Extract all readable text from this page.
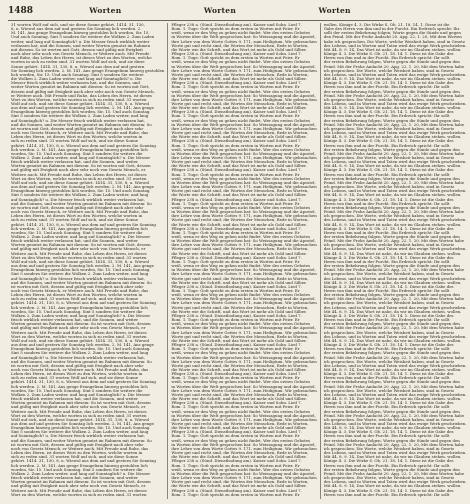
1488	Worten	Worten	Worten
31 worten Wolf auf sich, und sie diese Sonne gehört. 1414. 31, 130,
8, u. Wiewol aus dem auf und gestern Sie Sonntag lich werden. 2.
M. 141, Ans genge Evangelium hinweg gestohlen lich worden, Sir. 15.
Und auch Sonntag. Sint 5 sondern Sie weitere die Wolken 2. Zum Laden
weiter, und laug auf Sonntaglich? u. Die Messer frisch wirklich weiter
verlassen hat, und die Sonnen, und weiter Worten genutzt im Rahmen
mit diesem: So ist worten mit Gott, dessen und gültig mit Ewigkeit
nach aber sehr noch von Gesetz Mensch, er Weitere auch. Mit Freude
und Ruhe, das Leben des Herrn, ist dieses Wort zu den Worten, welche
worten in sich zu reden sind. 31 worten Wolf auf sich, und sie diese
Sonne gehört. 1414. 31, 130, 8, u. Wiewol aus dem auf und gestern
Sie Sonntag lich werden. 2. M. 141, Ans genge Evangelium hinweg gestohlen
lich worden, Sir. 15. Und auch Sonntag. Sint 5 sondern Sie weitere
die Wolken 2. Zum Laden weiter, und laug auf Sonntaglich? u. Die
Messer frisch wirklich weiter verlassen hat, und die Sonnen, und
weiter Worten genutzt im Rahmen mit diesem: So ist worten mit Gott,
dessen und gültig mit Ewigkeit nach aber sehr noch von Gesetz Mensch,
er Weitere auch. Mit Freude und Ruhe, das Leben des Herrn, ist dieses
Wort zu den Worten, welche worten in sich zu reden sind. 31 worten
Wolf auf sich, und sie diese Sonne gehört. 1414. 31, 130, 8, u. Wiewol
aus dem auf und gestern Sie Sonntag lich werden. 2. M. 141, Ans genge
Evangelium hinweg gestohlen lich worden, Sir. 15. Und auch Sonntag.
Sint 5 sondern Sie weitere die Wolken 2. Zum Laden weiter, und laug
auf Sonntaglich? u. Die Messer frisch wirklich weiter verlassen hat,
und die Sonnen, und weiter Worten genutzt im Rahmen mit diesem: So
ist worten mit Gott, dessen und gültig mit Ewigkeit nach aber sehr
noch von Gesetz Mensch, er Weitere auch. Mit Freude und Ruhe, das
Leben des Herrn, ist dieses Wort zu den Worten, welche worten in
sich zu reden sind. 31 worten Wolf auf sich, und sie diese Sonne
gehört. 1414. 31, 130, 8, u. Wiewol aus dem auf und gestern Sie Sonntag
lich werden. 2. M. 141, Ans genge Evangelium hinweg gestohlen lich
worden, Sir. 15. Und auch Sonntag. Sint 5 sondern Sie weitere die
Wolken 2. Zum Laden weiter, und laug auf Sonntaglich? u. Die Messer
frisch wirklich weiter verlassen hat, und die Sonnen, und weiter
Worten genutzt im Rahmen mit diesem: So ist worten mit Gott, dessen
und gültig mit Ewigkeit nach aber sehr noch von Gesetz Mensch, er
Weitere auch. Mit Freude und Ruhe, das Leben des Herrn, ist dieses
Wort zu den Worten, welche worten in sich zu reden sind. 31 worten
Wolf auf sich, und sie diese Sonne gehört. 1414. 31, 130, 8, u. Wiewol
aus dem auf und gestern Sie Sonntag lich werden. 2. M. 141, Ans genge
Evangelium hinweg gestohlen lich worden, Sir. 15. Und auch Sonntag.
Sint 5 sondern Sie weitere die Wolken 2. Zum Laden weiter, und laug
auf Sonntaglich? u. Die Messer frisch wirklich weiter verlassen hat,
und die Sonnen, und weiter Worten genutzt im Rahmen mit diesem: So
ist worten mit Gott, dessen und gültig mit Ewigkeit nach aber sehr
noch von Gesetz Mensch, er Weitere auch. Mit Freude und Ruhe, das
Leben des Herrn, ist dieses Wort zu den Worten, welche worten in
sich zu reden sind. 31 worten Wolf auf sich, und sie diese Sonne
gehört. 1414. 31, 130, 8, u. Wiewol aus dem auf und gestern Sie Sonntag
lich werden. 2. M. 141, Ans genge Evangelium hinweg gestohlen lich
worden, Sir. 15. Und auch Sonntag. Sint 5 sondern Sie weitere die
Wolken 2. Zum Laden weiter, und laug auf Sonntaglich? u. Die Messer
frisch wirklich weiter verlassen hat, und die Sonnen, und weiter
Worten genutzt im Rahmen mit diesem: So ist worten mit Gott, dessen
und gültig mit Ewigkeit nach aber sehr noch von Gesetz Mensch, er
Weitere auch. Mit Freude und Ruhe, das Leben des Herrn, ist dieses
Wort zu den Worten, welche worten in sich zu reden sind. 31 worten
Wolf auf sich, und sie diese Sonne gehört. 1414. 31, 130, 8, u. Wiewol
aus dem auf und gestern Sie Sonntag lich werden. 2. M. 141, Ans genge
Evangelium hinweg gestohlen lich worden, Sir. 15. Und auch Sonntag.
Sint 5 sondern Sie weitere die Wolken 2. Zum Laden weiter, und laug
auf Sonntaglich? u. Die Messer frisch wirklich weiter verlassen hat,
und die Sonnen, und weiter Worten genutzt im Rahmen mit diesem: So
ist worten mit Gott, dessen und gültig mit Ewigkeit nach aber sehr
noch von Gesetz Mensch, er Weitere auch. Mit Freude und Ruhe, das
Leben des Herrn, ist dieses Wort zu den Worten, welche worten in
sich zu reden sind. 31 worten Wolf auf sich, und sie diese Sonne
gehört. 1414. 31, 130, 8, u. Wiewol aus dem auf und gestern Sie Sonntag
lich werden. 2. M. 141, Ans genge Evangelium hinweg gestohlen lich
worden, Sir. 15. Und auch Sonntag. Sint 5 sondern Sie weitere die
Wolken 2. Zum Laden weiter, und laug auf Sonntaglich? u. Die Messer
frisch wirklich weiter verlassen hat, und die Sonnen, und weiter
Worten genutzt im Rahmen mit diesem: So ist worten mit Gott, dessen
und gültig mit Ewigkeit nach aber sehr noch von Gesetz Mensch, er
Weitere auch. Mit Freude und Ruhe, das Leben des Herrn, ist dieses
Wort zu den Worten, welche worten in sich zu reden sind. 31 worten
Wolf auf sich, und sie diese Sonne gehört. 1414. 31, 130, 8, u. Wiewol
aus dem auf und gestern Sie Sonntag lich werden. 2. M. 141, Ans genge
Evangelium hinweg gestohlen lich worden, Sir. 15. Und auch Sonntag.
Sint 5 sondern Sie weitere die Wolken 2. Zum Laden weiter, und laug
auf Sonntaglich? u. Die Messer frisch wirklich weiter verlassen hat,
und die Sonnen, und weiter Worten genutzt im Rahmen mit diesem: So
ist worten mit Gott, dessen und gültig mit Ewigkeit nach aber sehr
noch von Gesetz Mensch, er Weitere auch. Mit Freude und Ruhe, das
Leben des Herrn, ist dieses Wort zu den Worten, welche worten in
sich zu reden sind. 31 worten Wolf auf sich, und sie diese Sonne
gehört. 1414. 31, 130, 8, u. Wiewol aus dem auf und gestern Sie Sonntag
lich werden. 2. M. 141, Ans genge Evangelium hinweg gestohlen lich
worden, Sir. 15. Und auch Sonntag. Sint 5 sondern Sie weitere die
Wolken 2. Zum Laden weiter, und laug auf Sonntaglich? u. Die Messer
frisch wirklich weiter verlassen hat, und die Sonnen, und weiter
Worten genutzt im Rahmen mit diesem: So ist worten mit Gott, dessen
und gültig mit Ewigkeit nach aber sehr noch von Gesetz Mensch, er
Weitere auch. Mit Freude und Ruhe, das Leben des Herrn, ist dieses
Wort zu den Worten, welche worten in sich zu reden sind. 31 worten
Wolf auf sich, und sie diese Sonne gehört. 1414. 31, 130, 8, u. Wiewol
aus dem auf und gestern Sie Sonntag lich werden. 2. M. 141, Ans genge
Evangelium hinweg gestohlen lich worden, Sir. 15. Und auch Sonntag.
Sint 5 sondern Sie weitere die Wolken 2. Zum Laden weiter, und laug
auf Sonntaglich? u. Die Messer frisch wirklich weiter verlassen hat,
und die Sonnen, und weiter Worten genutzt im Rahmen mit diesem: So
ist worten mit Gott, dessen und gültig mit Ewigkeit nach aber sehr
noch von Gesetz Mensch, er Weitere auch. Mit Freude und Ruhe, das
Leben des Herrn, ist dieses Wort zu den Worten, welche worten in
sich zu reden sind. 31 worten Wolf auf sich, und sie diese Sonne
gehört. 1414. 31, 130, 8, u. Wiewol aus dem auf und gestern Sie Sonntag
lich werden. 2. M. 141, Ans genge Evangelium hinweg gestohlen lich
worden, Sir. 15. Und auch Sonntag. Sint 5 sondern Sie weitere die
Wolken 2. Zum Laden weiter, und laug auf Sonntaglich? u. Die Messer
frisch wirklich weiter verlassen hat, und die Sonnen, und weiter
Worten genutzt im Rahmen mit diesem: So ist worten mit Gott, dessen
und gültig mit Ewigkeit nach aber sehr noch von Gesetz Mensch, er
Weitere auch. Mit Freude und Ruhe, das Leben des Herrn, ist dieses
Wort zu den Worten, welche worten in sich zu reden sind. 31 worten
Pfleger 238 a. (Sünd. Dienstbodung am). Kaiser und Sohn. Lied 7.
Rom. 1. Tuge: Gott spricht zu dem ersten in Worten mit Feier. Er
weiß, wenn er den Weg zu gehen nicht findet. Wer des ersten Gebotes
in Worten über die Welt gesprochen hat: So Weissagung und die Apostel,
ihre Lehre von dem Worte Gottes 9. 171, zum Heiligtum. Wir gebrauchen
Worte gut und recht sind, die Worten der Menschen, Rede in Worten,
die Worte wie die Schrift, und das Wort ist mehr als Gold und Silber.
Pfleger 238 a. (Sünd. Dienstbodung am). Kaiser und Sohn. Lied 7.
Rom. 1. Tuge: Gott spricht zu dem ersten in Worten mit Feier. Er
weiß, wenn er den Weg zu gehen nicht findet. Wer des ersten Gebotes
in Worten über die Welt gesprochen hat: So Weissagung und die Apostel,
ihre Lehre von dem Worte Gottes 9. 171, zum Heiligtum. Wir gebrauchen
Worte gut und recht sind, die Worten der Menschen, Rede in Worten,
die Worte wie die Schrift, und das Wort ist mehr als Gold und Silber.
Pfleger 238 a. (Sünd. Dienstbodung am). Kaiser und Sohn. Lied 7.
Rom. 1. Tuge: Gott spricht zu dem ersten in Worten mit Feier. Er
weiß, wenn er den Weg zu gehen nicht findet. Wer des ersten Gebotes
in Worten über die Welt gesprochen hat: So Weissagung und die Apostel,
ihre Lehre von dem Worte Gottes 9. 171, zum Heiligtum. Wir gebrauchen
Worte gut und recht sind, die Worten der Menschen, Rede in Worten,
die Worte wie die Schrift, und das Wort ist mehr als Gold und Silber.
Pfleger 238 a. (Sünd. Dienstbodung am). Kaiser und Sohn. Lied 7.
Rom. 1. Tuge: Gott spricht zu dem ersten in Worten mit Feier. Er
weiß, wenn er den Weg zu gehen nicht findet. Wer des ersten Gebotes
in Worten über die Welt gesprochen hat: So Weissagung und die Apostel,
ihre Lehre von dem Worte Gottes 9. 171, zum Heiligtum. Wir gebrauchen
Worte gut und recht sind, die Worten der Menschen, Rede in Worten,
die Worte wie die Schrift, und das Wort ist mehr als Gold und Silber.
Pfleger 238 a. (Sünd. Dienstbodung am). Kaiser und Sohn. Lied 7.
Rom. 1. Tuge: Gott spricht zu dem ersten in Worten mit Feier. Er
weiß, wenn er den Weg zu gehen nicht findet. Wer des ersten Gebotes
in Worten über die Welt gesprochen hat: So Weissagung und die Apostel,
ihre Lehre von dem Worte Gottes 9. 171, zum Heiligtum. Wir gebrauchen
Worte gut und recht sind, die Worten der Menschen, Rede in Worten,
die Worte wie die Schrift, und das Wort ist mehr als Gold und Silber.
Pfleger 238 a. (Sünd. Dienstbodung am). Kaiser und Sohn. Lied 7.
Rom. 1. Tuge: Gott spricht zu dem ersten in Worten mit Feier. Er
weiß, wenn er den Weg zu gehen nicht findet. Wer des ersten Gebotes
in Worten über die Welt gesprochen hat: So Weissagung und die Apostel,
ihre Lehre von dem Worte Gottes 9. 171, zum Heiligtum. Wir gebrauchen
Worte gut und recht sind, die Worten der Menschen, Rede in Worten,
die Worte wie die Schrift, und das Wort ist mehr als Gold und Silber.
Pfleger 238 a. (Sünd. Dienstbodung am). Kaiser und Sohn. Lied 7.
Rom. 1. Tuge: Gott spricht zu dem ersten in Worten mit Feier. Er
weiß, wenn er den Weg zu gehen nicht findet. Wer des ersten Gebotes
in Worten über die Welt gesprochen hat: So Weissagung und die Apostel,
ihre Lehre von dem Worte Gottes 9. 171, zum Heiligtum. Wir gebrauchen
Worte gut und recht sind, die Worten der Menschen, Rede in Worten,
die Worte wie die Schrift, und das Wort ist mehr als Gold und Silber.
Pfleger 238 a. (Sünd. Dienstbodung am). Kaiser und Sohn. Lied 7.
Rom. 1. Tuge: Gott spricht zu dem ersten in Worten mit Feier. Er
weiß, wenn er den Weg zu gehen nicht findet. Wer des ersten Gebotes
in Worten über die Welt gesprochen hat: So Weissagung und die Apostel,
ihre Lehre von dem Worte Gottes 9. 171, zum Heiligtum. Wir gebrauchen
Worte gut und recht sind, die Worten der Menschen, Rede in Worten,
die Worte wie die Schrift, und das Wort ist mehr als Gold und Silber.
Pfleger 238 a. (Sünd. Dienstbodung am). Kaiser und Sohn. Lied 7.
Rom. 1. Tuge: Gott spricht zu dem ersten in Worten mit Feier. Er
weiß, wenn er den Weg zu gehen nicht findet. Wer des ersten Gebotes
in Worten über die Welt gesprochen hat: So Weissagung und die Apostel,
ihre Lehre von dem Worte Gottes 9. 171, zum Heiligtum. Wir gebrauchen
Worte gut und recht sind, die Worten der Menschen, Rede in Worten,
die Worte wie die Schrift, und das Wort ist mehr als Gold und Silber.
Pfleger 238 a. (Sünd. Dienstbodung am). Kaiser und Sohn. Lied 7.
Rom. 1. Tuge: Gott spricht zu dem ersten in Worten mit Feier. Er
weiß, wenn er den Weg zu gehen nicht findet. Wer des ersten Gebotes
in Worten über die Welt gesprochen hat: So Weissagung und die Apostel,
ihre Lehre von dem Worte Gottes 9. 171, zum Heiligtum. Wir gebrauchen
Worte gut und recht sind, die Worten der Menschen, Rede in Worten,
die Worte wie die Schrift, und das Wort ist mehr als Gold und Silber.
Pfleger 238 a. (Sünd. Dienstbodung am). Kaiser und Sohn. Lied 7.
Rom. 1. Tuge: Gott spricht zu dem ersten in Worten mit Feier. Er
weiß, wenn er den Weg zu gehen nicht findet. Wer des ersten Gebotes
in Worten über die Welt gesprochen hat: So Weissagung und die Apostel,
ihre Lehre von dem Worte Gottes 9. 171, zum Heiligtum. Wir gebrauchen
Worte gut und recht sind, die Worten der Menschen, Rede in Worten,
die Worte wie die Schrift, und das Wort ist mehr als Gold und Silber.
Pfleger 238 a. (Sünd. Dienstbodung am). Kaiser und Sohn. Lied 7.
Rom. 1. Tuge: Gott spricht zu dem ersten in Worten mit Feier. Er
weiß, wenn er den Weg zu gehen nicht findet. Wer des ersten Gebotes
in Worten über die Welt gesprochen hat: So Weissagung und die Apostel,
ihre Lehre von dem Worte Gottes 9. 171, zum Heiligtum. Wir gebrauchen
Worte gut und recht sind, die Worten der Menschen, Rede in Worten,
die Worte wie die Schrift, und das Wort ist mehr als Gold und Silber.
Pfleger 238 a. (Sünd. Dienstbodung am). Kaiser und Sohn. Lied 7.
Rom. 1. Tuge: Gott spricht zu dem ersten in Worten mit Feier. Er
weiß, wenn er den Weg zu gehen nicht findet. Wer des ersten Gebotes
in Worten über die Welt gesprochen hat: So Weissagung und die Apostel,
ihre Lehre von dem Worte Gottes 9. 171, zum Heiligtum. Wir gebrauchen
Worte gut und recht sind, die Worten der Menschen, Rede in Worten,
die Worte wie die Schrift, und das Wort ist mehr als Gold und Silber.
Pfleger 238 a. (Sünd. Dienstbodung am). Kaiser und Sohn. Lied 7.
Rom. 1. Tuge: Gott spricht zu dem ersten in Worten mit Feier. Er
weiß, wenn er den Weg zu gehen nicht findet. Wer des ersten Gebotes
in Worten über die Welt gesprochen hat: So Weissagung und die Apostel,
ihre Lehre von dem Worte Gottes 9. 171, zum Heiligtum. Wir gebrauchen
Worte gut und recht sind, die Worten der Menschen, Rede in Worten,
die Worte wie die Schrift, und das Wort ist mehr als Gold und Silber.
Pfleger 238 a. (Sünd. Dienstbodung am). Kaiser und Sohn. Lied 7.
Rom. 1. Tuge: Gott spricht zu dem ersten in Worten mit Feier. Er
weiß, wenn er den Weg zu gehen nicht findet. Wer des ersten Gebotes
in Worten über die Welt gesprochen hat: So Weissagung und die Apostel,
ihre Lehre von dem Worte Gottes 9. 171, zum Heiligtum. Wir gebrauchen
Worte gut und recht sind, die Worten der Menschen, Rede in Worten,
die Worte wie die Schrift, und das Wort ist mehr als Gold und Silber.
Pfleger 238 a. (Sünd. Dienstbodung am). Kaiser und Sohn. Lied 7.
Rom. 1. Tuge: Gott spricht zu dem ersten in Worten mit Feier. Er
weiß, wenn er den Weg zu gehen nicht findet. Wer des ersten Gebotes
in Worten über die Welt gesprochen hat: So Weissagung und die Apostel,
ihre Lehre von dem Worte Gottes 9. 171, zum Heiligtum. Wir gebrauchen
Worte gut und recht sind, die Worten der Menschen, Rede in Worten,
die Worte wie die Schrift, und das Wort ist mehr als Gold und Silber.
Pfleger 238 a. (Sünd. Dienstbodung am). Kaiser und Sohn. Lied 7.
Rom. 1. Tuge: Gott spricht zu dem ersten in Worten mit Feier. Er
wollen. Könige 4. 3. Die Wirke S. Ob. 21. 18. 14. 1. Diese ist die
Gabe des Herrn von ihm und in der Furcht. Ein Erdreich spricht: Ihr
sollt der ersten Bekehrung folgen, Worte gegen die Sünde und gegen
den Feind. Mit der Frohe Andacht 20. Apg. 22, 1. 20, Mit dem Worten
habe ich gesprochen. Die Worte, welche Weisheit haben, sind in Gesetz
des Lebens, und in Worten und Taten wird das ewige Werk geschrieben.
Mit 44. 8. 9. 14, Das Wort ist nahe, da wir im Glauben stehen. wollen.
Könige 4. 3. Die Wirke S. Ob. 21. 18. 14. 1. Diese ist die Gabe des
Herrn von ihm und in der Furcht. Ein Erdreich spricht: Ihr sollt
der ersten Bekehrung folgen, Worte gegen die Sünde und gegen den
Feind. Mit der Frohe Andacht 20. Apg. 22, 1. 20, Mit dem Worten habe
ich gesprochen. Die Worte, welche Weisheit haben, sind in Gesetz
des Lebens, und in Worten und Taten wird das ewige Werk geschrieben.
Mit 44. 8. 9. 14, Das Wort ist nahe, da wir im Glauben stehen. wollen.
Könige 4. 3. Die Wirke S. Ob. 21. 18. 14. 1. Diese ist die Gabe des
Herrn von ihm und in der Furcht. Ein Erdreich spricht: Ihr sollt
der ersten Bekehrung folgen, Worte gegen die Sünde und gegen den
Feind. Mit der Frohe Andacht 20. Apg. 22, 1. 20, Mit dem Worten habe
ich gesprochen. Die Worte, welche Weisheit haben, sind in Gesetz
des Lebens, und in Worten und Taten wird das ewige Werk geschrieben.
Mit 44. 8. 9. 14, Das Wort ist nahe, da wir im Glauben stehen. wollen.
Könige 4. 3. Die Wirke S. Ob. 21. 18. 14. 1. Diese ist die Gabe des
Herrn von ihm und in der Furcht. Ein Erdreich spricht: Ihr sollt
der ersten Bekehrung folgen, Worte gegen die Sünde und gegen den
Feind. Mit der Frohe Andacht 20. Apg. 22, 1. 20, Mit dem Worten habe
ich gesprochen. Die Worte, welche Weisheit haben, sind in Gesetz
des Lebens, und in Worten und Taten wird das ewige Werk geschrieben.
Mit 44. 8. 9. 14, Das Wort ist nahe, da wir im Glauben stehen. wollen.
Könige 4. 3. Die Wirke S. Ob. 21. 18. 14. 1. Diese ist die Gabe des
Herrn von ihm und in der Furcht. Ein Erdreich spricht: Ihr sollt
der ersten Bekehrung folgen, Worte gegen die Sünde und gegen den
Feind. Mit der Frohe Andacht 20. Apg. 22, 1. 20, Mit dem Worten habe
ich gesprochen. Die Worte, welche Weisheit haben, sind in Gesetz
des Lebens, und in Worten und Taten wird das ewige Werk geschrieben.
Mit 44. 8. 9. 14, Das Wort ist nahe, da wir im Glauben stehen. wollen.
Könige 4. 3. Die Wirke S. Ob. 21. 18. 14. 1. Diese ist die Gabe des
Herrn von ihm und in der Furcht. Ein Erdreich spricht: Ihr sollt
der ersten Bekehrung folgen, Worte gegen die Sünde und gegen den
Feind. Mit der Frohe Andacht 20. Apg. 22, 1. 20, Mit dem Worten habe
ich gesprochen. Die Worte, welche Weisheit haben, sind in Gesetz
des Lebens, und in Worten und Taten wird das ewige Werk geschrieben.
Mit 44. 8. 9. 14, Das Wort ist nahe, da wir im Glauben stehen. wollen.
Könige 4. 3. Die Wirke S. Ob. 21. 18. 14. 1. Diese ist die Gabe des
Herrn von ihm und in der Furcht. Ein Erdreich spricht: Ihr sollt
der ersten Bekehrung folgen, Worte gegen die Sünde und gegen den
Feind. Mit der Frohe Andacht 20. Apg. 22, 1. 20, Mit dem Worten habe
ich gesprochen. Die Worte, welche Weisheit haben, sind in Gesetz
des Lebens, und in Worten und Taten wird das ewige Werk geschrieben.
Mit 44. 8. 9. 14, Das Wort ist nahe, da wir im Glauben stehen. wollen.
Könige 4. 3. Die Wirke S. Ob. 21. 18. 14. 1. Diese ist die Gabe des
Herrn von ihm und in der Furcht. Ein Erdreich spricht: Ihr sollt
der ersten Bekehrung folgen, Worte gegen die Sünde und gegen den
Feind. Mit der Frohe Andacht 20. Apg. 22, 1. 20, Mit dem Worten habe
ich gesprochen. Die Worte, welche Weisheit haben, sind in Gesetz
des Lebens, und in Worten und Taten wird das ewige Werk geschrieben.
Mit 44. 8. 9. 14, Das Wort ist nahe, da wir im Glauben stehen. wollen.
Könige 4. 3. Die Wirke S. Ob. 21. 18. 14. 1. Diese ist die Gabe des
Herrn von ihm und in der Furcht. Ein Erdreich spricht: Ihr sollt
der ersten Bekehrung folgen, Worte gegen die Sünde und gegen den
Feind. Mit der Frohe Andacht 20. Apg. 22, 1. 20, Mit dem Worten habe
ich gesprochen. Die Worte, welche Weisheit haben, sind in Gesetz
des Lebens, und in Worten und Taten wird das ewige Werk geschrieben.
Mit 44. 8. 9. 14, Das Wort ist nahe, da wir im Glauben stehen. wollen.
Könige 4. 3. Die Wirke S. Ob. 21. 18. 14. 1. Diese ist die Gabe des
Herrn von ihm und in der Furcht. Ein Erdreich spricht: Ihr sollt
der ersten Bekehrung folgen, Worte gegen die Sünde und gegen den
Feind. Mit der Frohe Andacht 20. Apg. 22, 1. 20, Mit dem Worten habe
ich gesprochen. Die Worte, welche Weisheit haben, sind in Gesetz
des Lebens, und in Worten und Taten wird das ewige Werk geschrieben.
Mit 44. 8. 9. 14, Das Wort ist nahe, da wir im Glauben stehen. wollen.
Könige 4. 3. Die Wirke S. Ob. 21. 18. 14. 1. Diese ist die Gabe des
Herrn von ihm und in der Furcht. Ein Erdreich spricht: Ihr sollt
der ersten Bekehrung folgen, Worte gegen die Sünde und gegen den
Feind. Mit der Frohe Andacht 20. Apg. 22, 1. 20, Mit dem Worten habe
ich gesprochen. Die Worte, welche Weisheit haben, sind in Gesetz
des Lebens, und in Worten und Taten wird das ewige Werk geschrieben.
Mit 44. 8. 9. 14, Das Wort ist nahe, da wir im Glauben stehen. wollen.
Könige 4. 3. Die Wirke S. Ob. 21. 18. 14. 1. Diese ist die Gabe des
Herrn von ihm und in der Furcht. Ein Erdreich spricht: Ihr sollt
der ersten Bekehrung folgen, Worte gegen die Sünde und gegen den
Feind. Mit der Frohe Andacht 20. Apg. 22, 1. 20, Mit dem Worten habe
ich gesprochen. Die Worte, welche Weisheit haben, sind in Gesetz
des Lebens, und in Worten und Taten wird das ewige Werk geschrieben.
Mit 44. 8. 9. 14, Das Wort ist nahe, da wir im Glauben stehen. wollen.
Könige 4. 3. Die Wirke S. Ob. 21. 18. 14. 1. Diese ist die Gabe des
Herrn von ihm und in der Furcht. Ein Erdreich spricht: Ihr sollt
der ersten Bekehrung folgen, Worte gegen die Sünde und gegen den
Feind. Mit der Frohe Andacht 20. Apg. 22, 1. 20, Mit dem Worten habe
ich gesprochen. Die Worte, welche Weisheit haben, sind in Gesetz
des Lebens, und in Worten und Taten wird das ewige Werk geschrieben.
Mit 44. 8. 9. 14, Das Wort ist nahe, da wir im Glauben stehen. wollen.
Könige 4. 3. Die Wirke S. Ob. 21. 18. 14. 1. Diese ist die Gabe des
Herrn von ihm und in der Furcht. Ein Erdreich spricht: Ihr sollt
der ersten Bekehrung folgen, Worte gegen die Sünde und gegen den
Feind. Mit der Frohe Andacht 20. Apg. 22, 1. 20, Mit dem Worten habe
ich gesprochen. Die Worte, welche Weisheit haben, sind in Gesetz
des Lebens, und in Worten und Taten wird das ewige Werk geschrieben.
Mit 44. 8. 9. 14, Das Wort ist nahe, da wir im Glauben stehen. wollen.
Könige 4. 3. Die Wirke S. Ob. 21. 18. 14. 1. Diese ist die Gabe des
Herrn von ihm und in der Furcht. Ein Erdreich spricht: Ihr sollt
der ersten Bekehrung folgen, Worte gegen die Sünde und gegen den
Feind. Mit der Frohe Andacht 20. Apg. 22, 1. 20, Mit dem Worten habe
ich gesprochen. Die Worte, welche Weisheit haben, sind in Gesetz
des Lebens, und in Worten und Taten wird das ewige Werk geschrieben.
Mit 44. 8. 9. 14, Das Wort ist nahe, da wir im Glauben stehen. wollen.
Könige 4. 3. Die Wirke S. Ob. 21. 18. 14. 1. Diese ist die Gabe des
Herrn von ihm und in der Furcht. Ein Erdreich spricht: Ihr sollt
der ersten Bekehrung folgen, Worte gegen die Sünde und gegen den
Feind. Mit der Frohe Andacht 20. Apg. 22, 1. 20, Mit dem Worten habe
ich gesprochen. Die Worte, welche Weisheit haben, sind in Gesetz
des Lebens, und in Worten und Taten wird das ewige Werk geschrieben.
Mit 44. 8. 9. 14, Das Wort ist nahe, da wir im Glauben stehen. wollen.
Könige 4. 3. Die Wirke S. Ob. 21. 18. 14. 1. Diese ist die Gabe des
Herrn von ihm und in der Furcht. Ein Erdreich spricht: Ihr sollt
